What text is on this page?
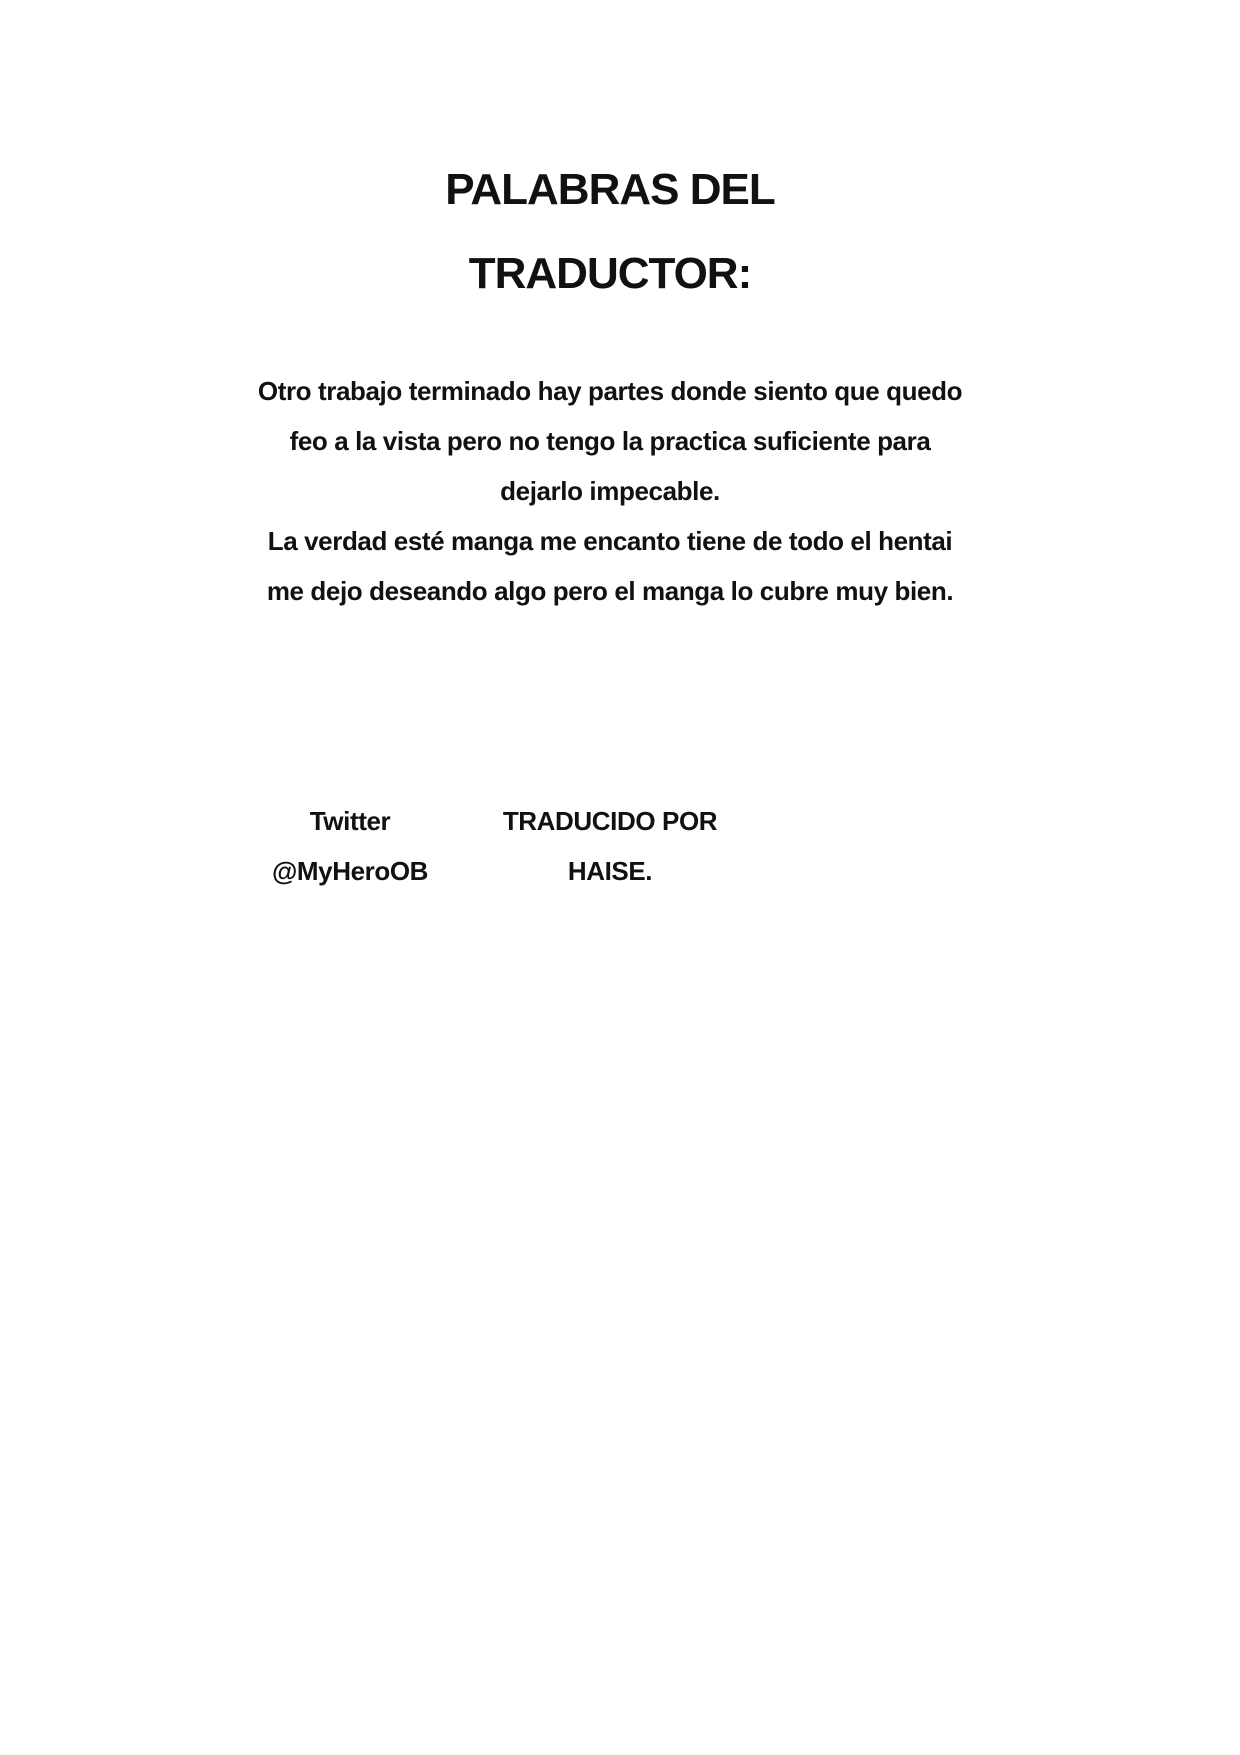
PALABRAS DEL
TRADUCTOR:
Otro trabajo terminado hay partes donde siento que quedo
feo a la vista pero no tengo la practica suficiente para
dejarlo impecable.
La verdad esté manga me encanto tiene de todo el hentai
me dejo deseando algo pero el manga lo cubre muy bien.
Twitter
@MyHeroOB
TRADUCIDO POR
HAISE.
